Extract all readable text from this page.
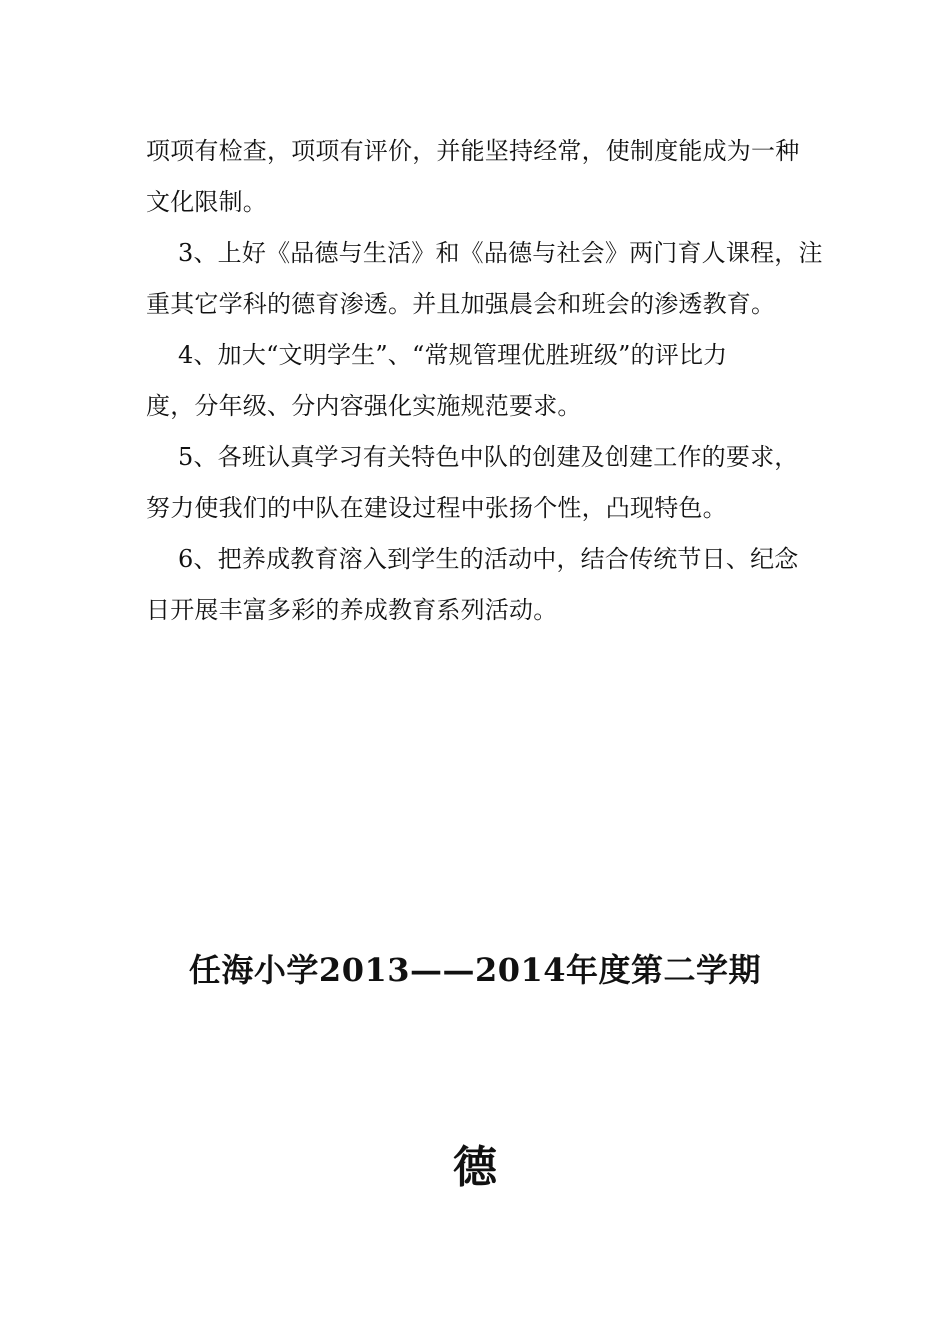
项项有检查，项项有评价，并能坚持经常，使制度能成为一种
文化限制。
3、上好《品德与生活》和《品德与社会》两门育人课程，注
重其它学科的德育渗透。并且加强晨会和班会的渗透教育。
4、加大“文明学生”、“常规管理优胜班级”的评比力
度，分年级、分内容强化实施规范要求。
5、各班认真学习有关特色中队的创建及创建工作的要求，
努力使我们的中队在建设过程中张扬个性，凸现特色。
6、把养成教育溶入到学生的活动中，结合传统节日、纪念
日开展丰富多彩的养成教育系列活动。
任海小学2013——2014年度第二学期
德
